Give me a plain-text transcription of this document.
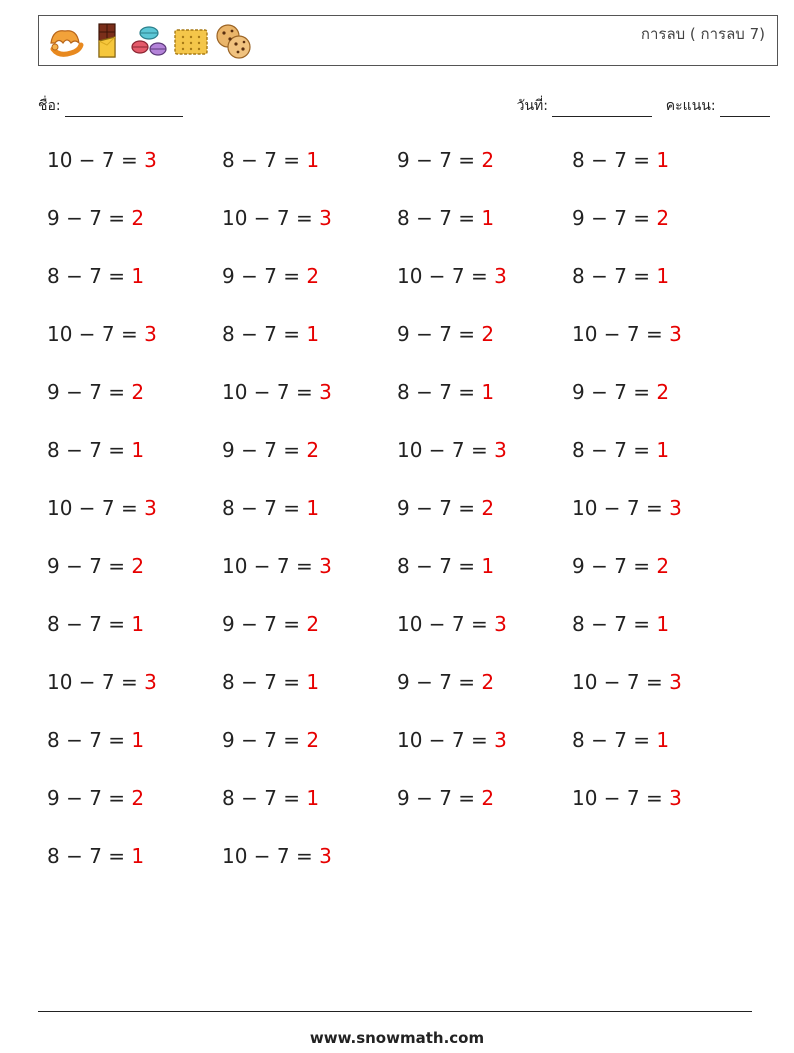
การลบ ( การลบ 7)
ชื่อ:	วันที่:	คะแนน:
10 − 7 = 3	8 − 7 = 1	9 − 7 = 2	8 − 7 = 1
9 − 7 = 2	10 − 7 = 3	8 − 7 = 1	9 − 7 = 2
8 − 7 = 1	9 − 7 = 2	10 − 7 = 3	8 − 7 = 1
10 − 7 = 3	8 − 7 = 1	9 − 7 = 2	10 − 7 = 3
9 − 7 = 2	10 − 7 = 3	8 − 7 = 1	9 − 7 = 2
8 − 7 = 1	9 − 7 = 2	10 − 7 = 3	8 − 7 = 1
10 − 7 = 3	8 − 7 = 1	9 − 7 = 2	10 − 7 = 3
9 − 7 = 2	10 − 7 = 3	8 − 7 = 1	9 − 7 = 2
8 − 7 = 1	9 − 7 = 2	10 − 7 = 3	8 − 7 = 1
10 − 7 = 3	8 − 7 = 1	9 − 7 = 2	10 − 7 = 3
8 − 7 = 1	9 − 7 = 2	10 − 7 = 3	8 − 7 = 1
9 − 7 = 2	8 − 7 = 1	9 − 7 = 2	10 − 7 = 3
8 − 7 = 1	10 − 7 = 3
www.snowmath.com
